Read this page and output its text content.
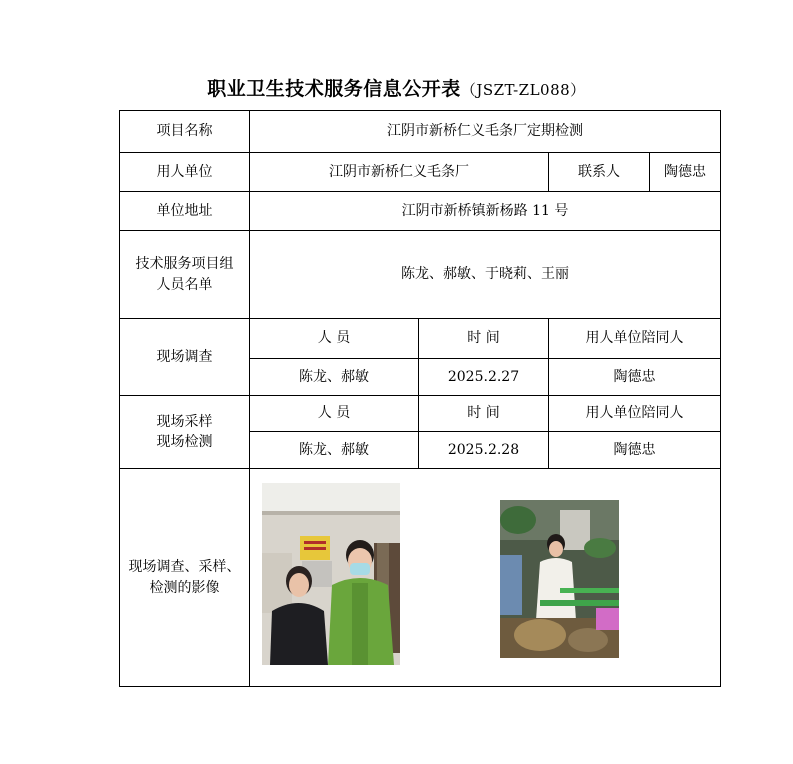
职业卫生技术服务信息公开表（JSZT-ZL088）
项目名称	江阴市新桥仁义毛条厂定期检测		
用人单位	江阴市新桥仁义毛条厂		联系人 陶德忠

单位地址	江阴市新桥镇新杨路 11 号		

技术服务项目组
人员名单	陈龙、郝敏、于晓莉、王丽		
现场调查	人 员	时 间	用人单位陪同人
	陈龙、郝敏	2025.2.27	陶德忠

现场采样
现场检测	人 员	时 间	用人单位陪同人
	陈龙、郝敏	2025.2.28	陶德忠

现场调查、采样、
检测的影像			
